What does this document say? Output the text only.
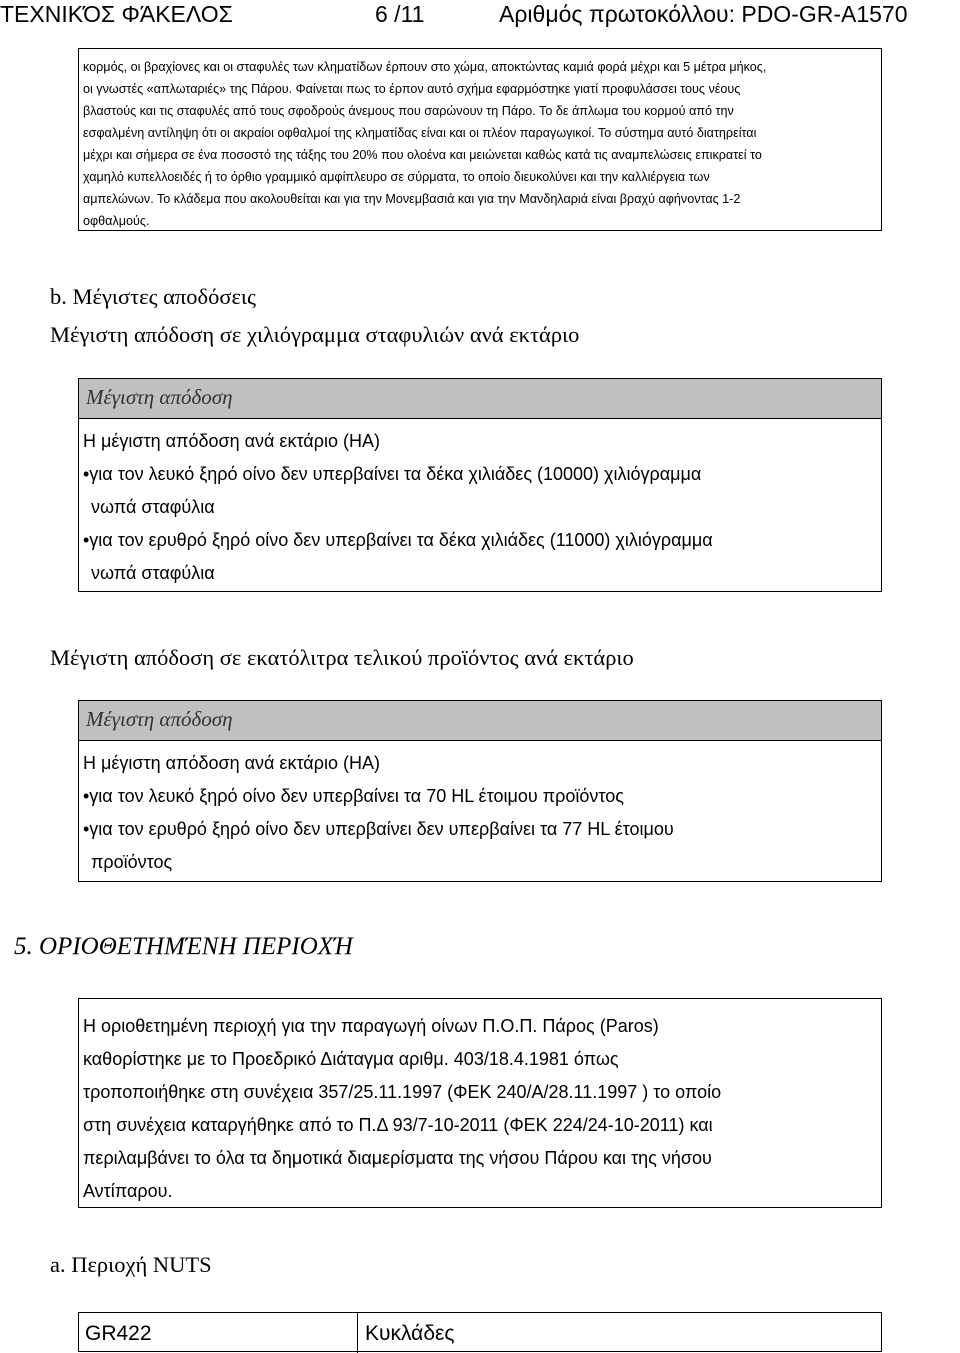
ΤΕΧΝΙΚΌΣ ΦΆΚΕΛΟΣ	6 /11	Αριθμός πρωτοκόλλου: PDO-GR-A1570

κορμός, οι βραχίονες και οι σταφυλές των κληματίδων έρπουν στο χώμα, αποκτώντας καμιά φορά μέχρι και 5 μέτρα μήκος,

οι γνωστές «απλωταριές» της Πάρου. Φαίνεται πως το έρπον αυτό σχήμα εφαρμόστηκε γιατί προφυλάσσει τους νέους

βλαστούς και τις σταφυλές από τους σφοδρούς άνεμους που σαρώνουν τη Πάρο. Το δε άπλωμα του κορμού από την

εσφαλμένη αντίληψη ότι οι ακραίοι οφθαλμοί της κληματίδας είναι και οι πλέον παραγωγικοί. Το σύστημα αυτό διατηρείται

μέχρι και σήμερα σε ένα ποσοστό της τάξης του 20% που ολοένα και μειώνεται καθώς κατά τις αναμπελώσεις επικρατεί το

χαμηλό κυπελλοειδές ή το όρθιο γραμμικό αμφίπλευρο σε σύρματα, το οποίο διευκολύνει και την καλλιέργεια των

αμπελώνων. Το κλάδεμα που ακολουθείται και για την Μονεμβασιά και για την Μανδηλαριά είναι βραχύ αφήνοντας 1-2

οφθαλμούς.

b. Μέγιστες αποδόσεις
Μέγιστη απόδοση σε χιλιόγραμμα σταφυλιών ανά εκτάριο
Μέγιστη απόδοση

Η μέγιστη απόδοση ανά εκτάριο (HA)

•για τον λευκό ξηρό οίνο δεν υπερβαίνει τα δέκα χιλιάδες (10000) χιλιόγραμμα

νωπά σταφύλια

•για τον ερυθρό ξηρό οίνο δεν υπερβαίνει τα δέκα χιλιάδες (11000) χιλιόγραμμα

νωπά σταφύλια

Μέγιστη απόδοση σε εκατόλιτρα τελικού προϊόντος ανά εκτάριο
Μέγιστη απόδοση

Η μέγιστη απόδοση ανά εκτάριο (HA)

•για τον λευκό ξηρό οίνο δεν υπερβαίνει τα 70 HL έτοιμου προϊόντος

•για τον ερυθρό ξηρό οίνο δεν υπερβαίνει δεν υπερβαίνει τα 77 HL έτοιμου

προϊόντος

5. ΟΡΙΟΘΕΤΗΜΈΝΗ ΠΕΡΙΟΧΉ

Η οριοθετημένη περιοχή για την παραγωγή οίνων Π.Ο.Π. Πάρος (Paros)

καθορίστηκε με το Προεδρικό Διάταγμα αριθμ. 403/18.4.1981 όπως

τροποποιήθηκε στη συνέχεια 357/25.11.1997 (ΦΕΚ 240/Α/28.11.1997 ) το οποίο

στη συνέχεια καταργήθηκε από το Π.Δ 93/7-10-2011 (ΦΕΚ 224/24-10-2011) και

περιλαμβάνει το όλα τα δημοτικά διαμερίσματα της νήσου Πάρου και της νήσου

Αντίπαρου.

a. Περιοχή NUTS
GR422	Κυκλάδες
